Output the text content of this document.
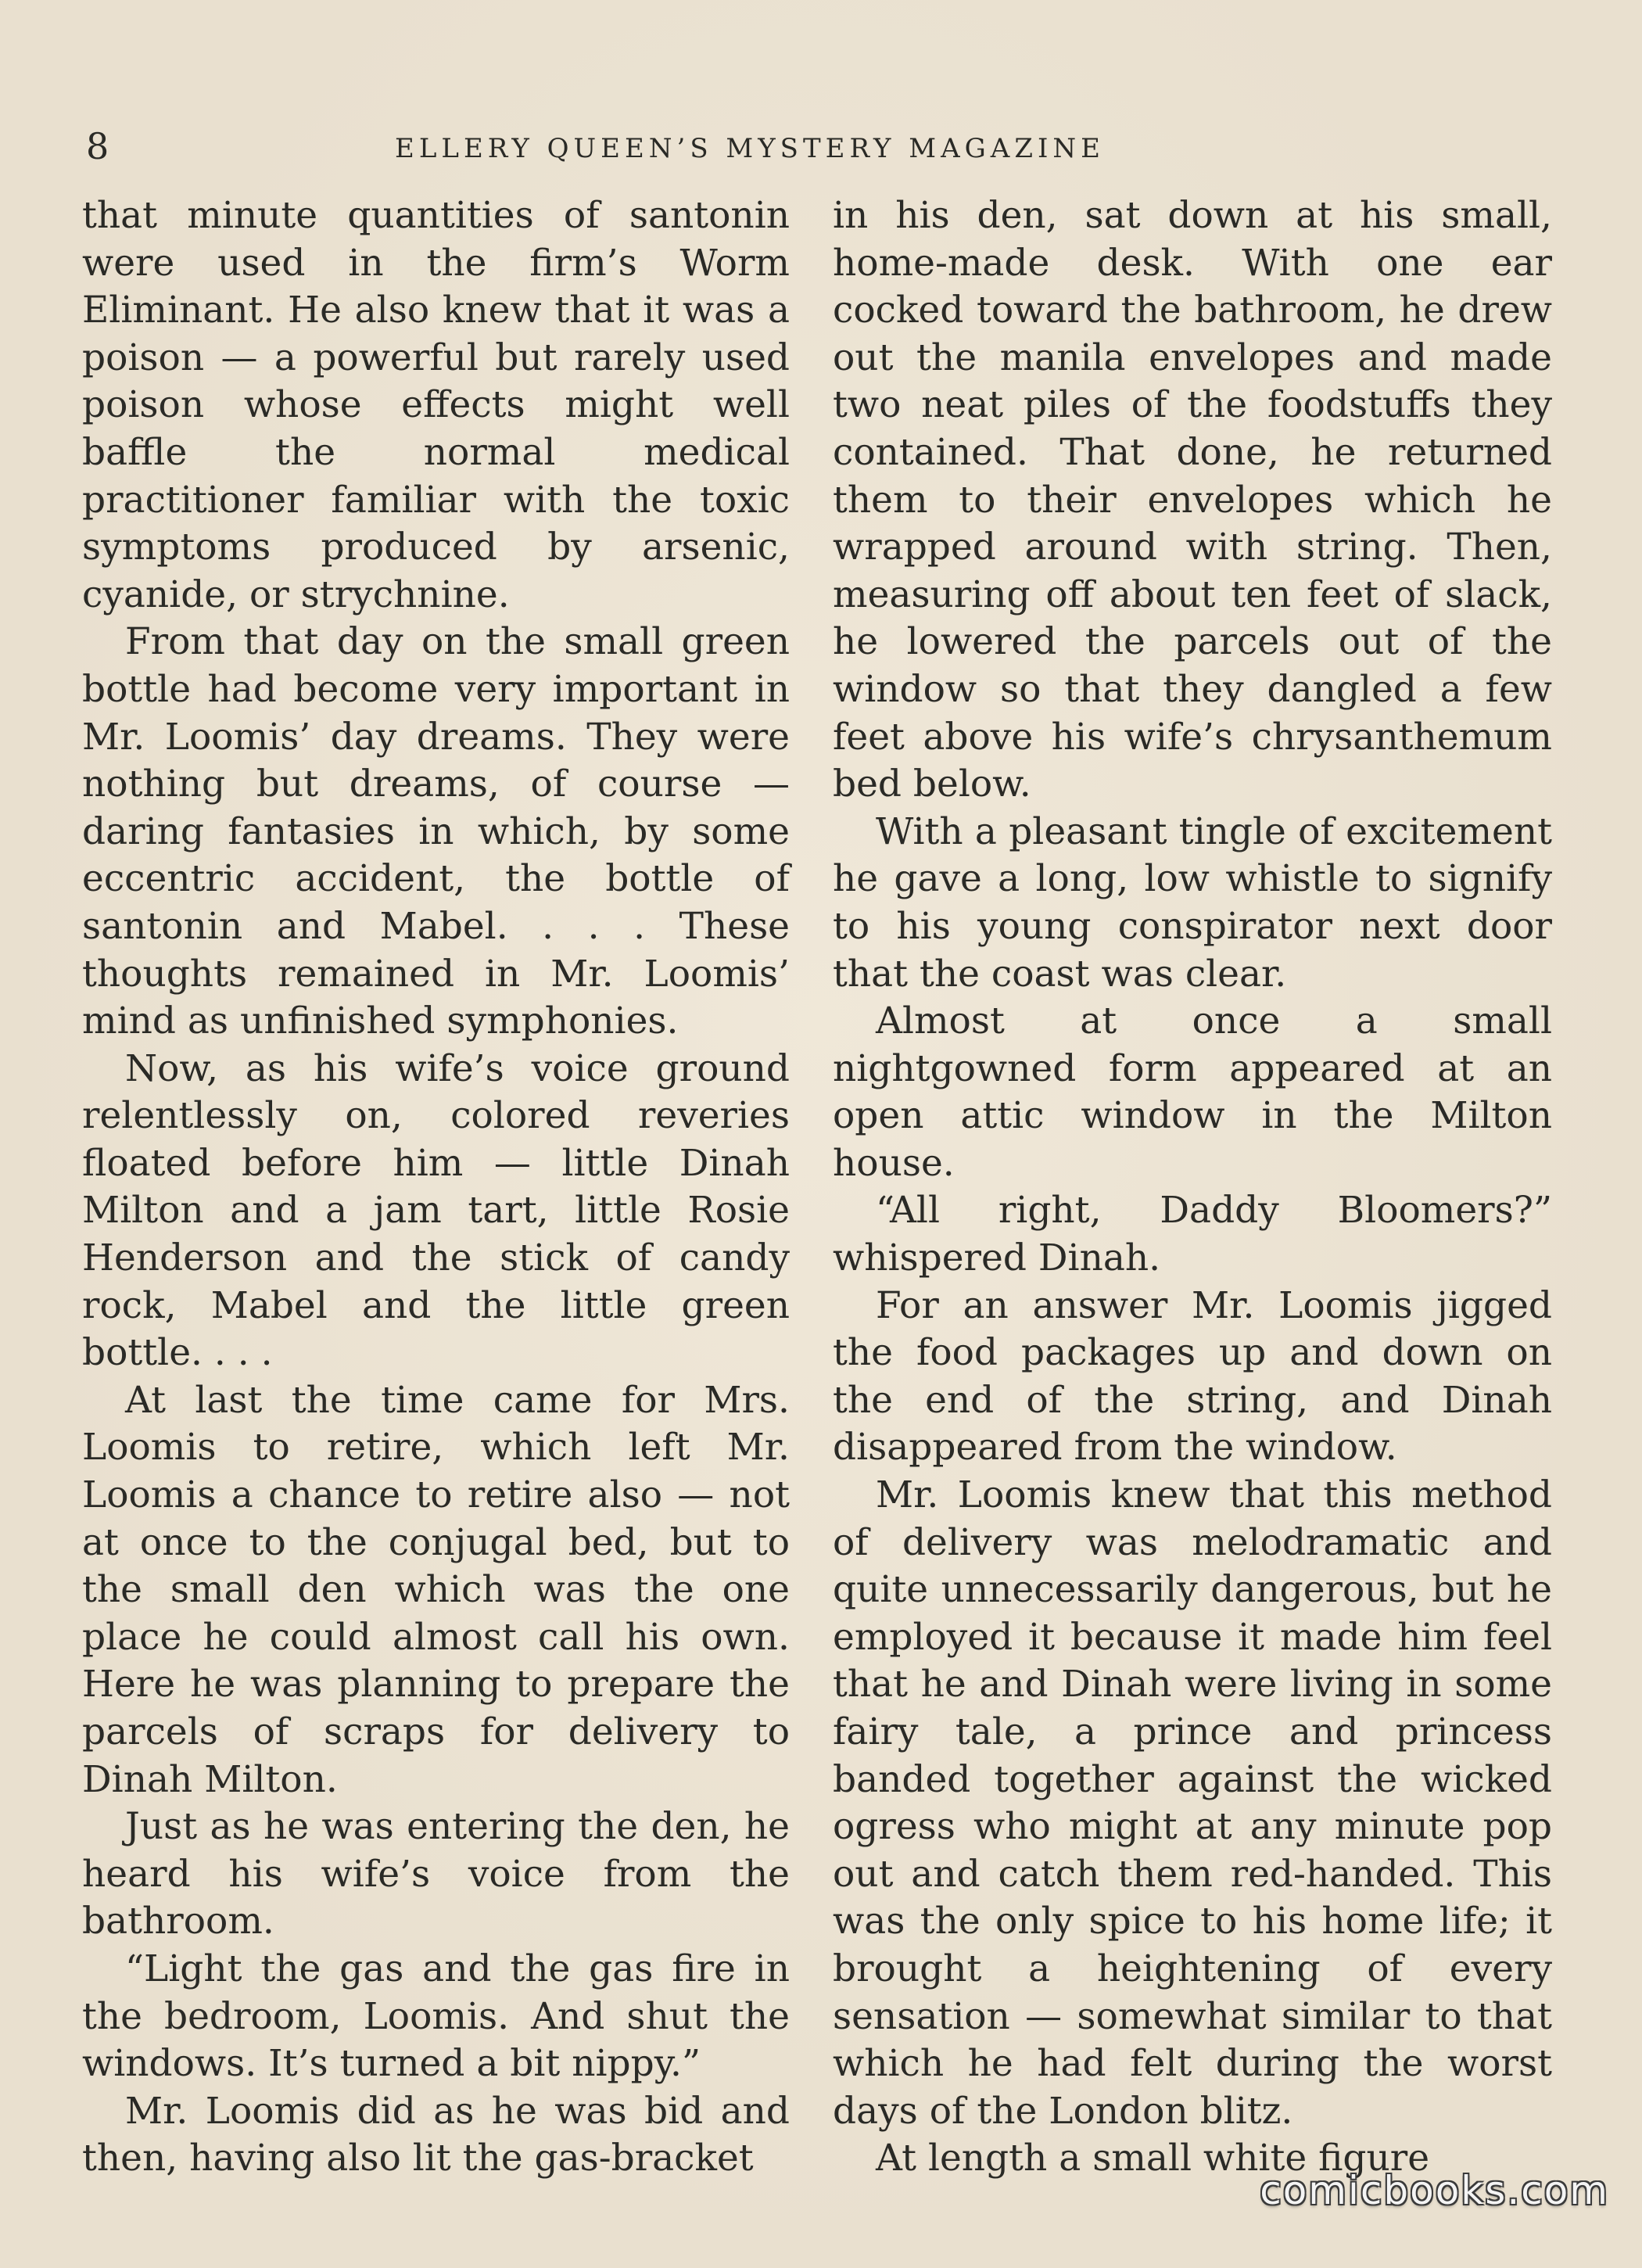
8	ELLERY QUEEN’S MYSTERY MAGAZINE

that minute quantities of santonin were used in the firm’s Worm Eliminant. He also knew that it was a poison — a powerful but rarely used poison whose effects might well baffle the normal medical practitioner familiar with the toxic symptoms produced by arsenic, cyanide, or strychnine.

From that day on the small green bottle had become very important in Mr. Loomis’ day dreams. They were nothing but dreams, of course — daring fantasies in which, by some eccentric accident, the bottle of santonin and Mabel. . . . These thoughts remained in Mr. Loomis’ mind as unfinished symphonies.

Now, as his wife’s voice ground relentlessly on, colored reveries floated before him — little Dinah Milton and a jam tart, little Rosie Henderson and the stick of candy rock, Mabel and the little green bottle. . . .

At last the time came for Mrs. Loomis to retire, which left Mr. Loomis a chance to retire also — not at once to the conjugal bed, but to the small den which was the one place he could almost call his own. Here he was planning to prepare the parcels of scraps for delivery to Dinah Milton.

Just as he was entering the den, he heard his wife’s voice from the bathroom.

“Light the gas and the gas fire in the bedroom, Loomis. And shut the windows. It’s turned a bit nippy.”

Mr. Loomis did as he was bid and then, having also lit the gas-bracket

in his den, sat down at his small, home-made desk. With one ear cocked toward the bathroom, he drew out the manila envelopes and made two neat piles of the foodstuffs they contained. That done, he returned them to their envelopes which he wrapped around with string. Then, measuring off about ten feet of slack, he lowered the parcels out of the window so that they dangled a few feet above his wife’s chrysanthemum bed below.

With a pleasant tingle of excitement he gave a long, low whistle to signify to his young conspirator next door that the coast was clear.

Almost at once a small nightgowned form appeared at an open attic window in the Milton house.

“All right, Daddy Bloomers?” whispered Dinah.

For an answer Mr. Loomis jigged the food packages up and down on the end of the string, and Dinah disappeared from the window.

Mr. Loomis knew that this method of delivery was melodramatic and quite unnecessarily dangerous, but he employed it because it made him feel that he and Dinah were living in some fairy tale, a prince and princess banded together against the wicked ogress who might at any minute pop out and catch them red-handed. This was the only spice to his home life; it brought a heightening of every sensation — somewhat similar to that which he had felt during the worst days of the London blitz.

At length a small white figure

comicbooks.com
